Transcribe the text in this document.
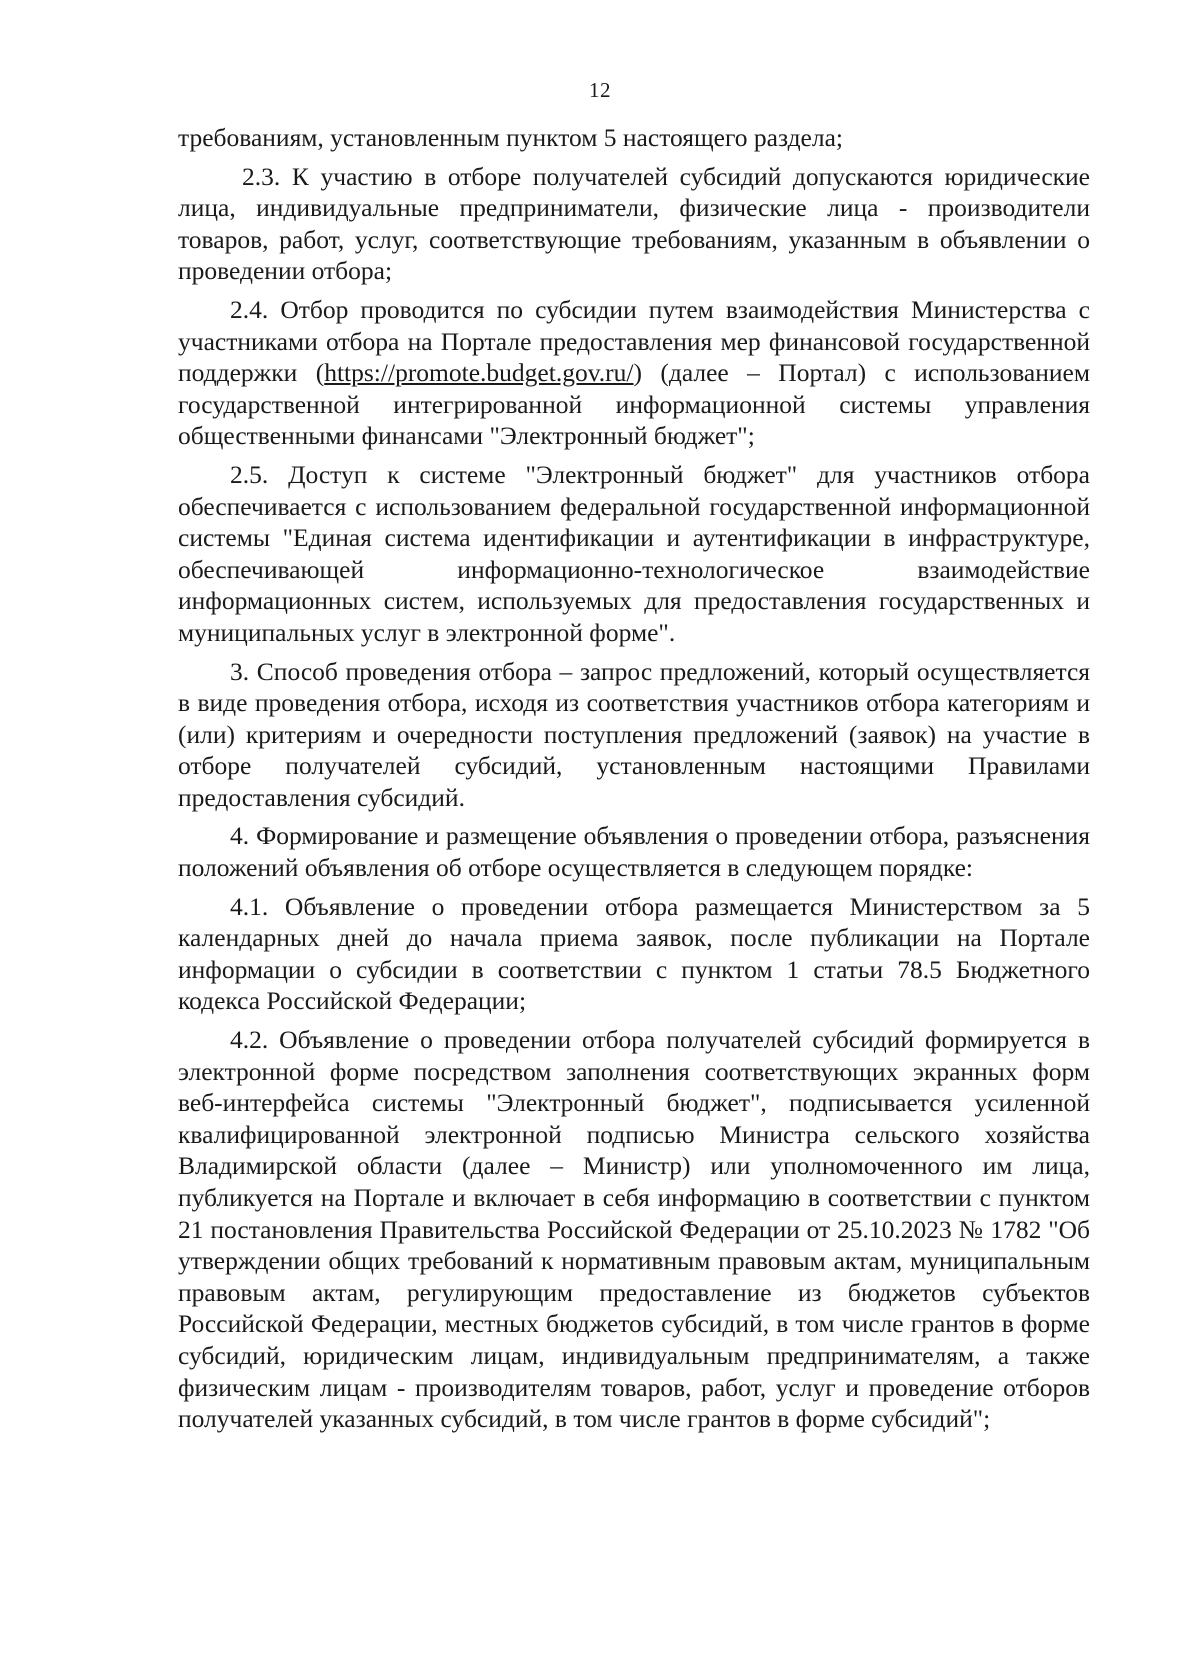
12

требованиям, установленным пунктом 5 настоящего раздела;

2.3. К участию в отборе получателей субсидий допускаются юридические лица, индивидуальные предприниматели, физические лица - производители товаров, работ, услуг, соответствующие требованиям, указанным в объявлении о проведении отбора;

2.4. Отбор проводится по субсидии путем взаимодействия Министерства с участниками отбора на Портале предоставления мер финансовой государственной поддержки (https://promote.budget.gov.ru/) (далее – Портал) с использованием государственной интегрированной информационной системы управления общественными финансами "Электронный бюджет";

2.5. Доступ к системе "Электронный бюджет" для участников отбора обеспечивается с использованием федеральной государственной информационной системы "Единая система идентификации и аутентификации в инфраструктуре, обеспечивающей информационно-технологическое взаимодействие информационных систем, используемых для предоставления государственных и муниципальных услуг в электронной форме".

3. Способ проведения отбора – запрос предложений, который осуществляется в виде проведения отбора, исходя из соответствия участников отбора категориям и (или) критериям и очередности поступления предложений (заявок) на участие в отборе получателей субсидий, установленным настоящими Правилами предоставления субсидий.

4. Формирование и размещение объявления о проведении отбора, разъяснения положений объявления об отборе осуществляется в следующем порядке:

4.1. Объявление о проведении отбора размещается Министерством за 5 календарных дней до начала приема заявок, после публикации на Портале информации о субсидии в соответствии с пунктом 1 статьи 78.5 Бюджетного кодекса Российской Федерации;

4.2. Объявление о проведении отбора получателей субсидий формируется в электронной форме посредством заполнения соответствующих экранных форм веб-интерфейса системы "Электронный бюджет", подписывается усиленной квалифицированной электронной подписью Министра сельского хозяйства Владимирской области (далее – Министр) или уполномоченного им лица, публикуется на Портале и включает в себя информацию в соответствии с пунктом 21 постановления Правительства Российской Федерации от 25.10.2023 № 1782 "Об утверждении общих требований к нормативным правовым актам, муниципальным правовым актам, регулирующим предоставление из бюджетов субъектов Российской Федерации, местных бюджетов субсидий, в том числе грантов в форме субсидий, юридическим лицам, индивидуальным предпринимателям, а также физическим лицам - производителям товаров, работ, услуг и проведение отборов получателей указанных субсидий, в том числе грантов в форме субсидий";
